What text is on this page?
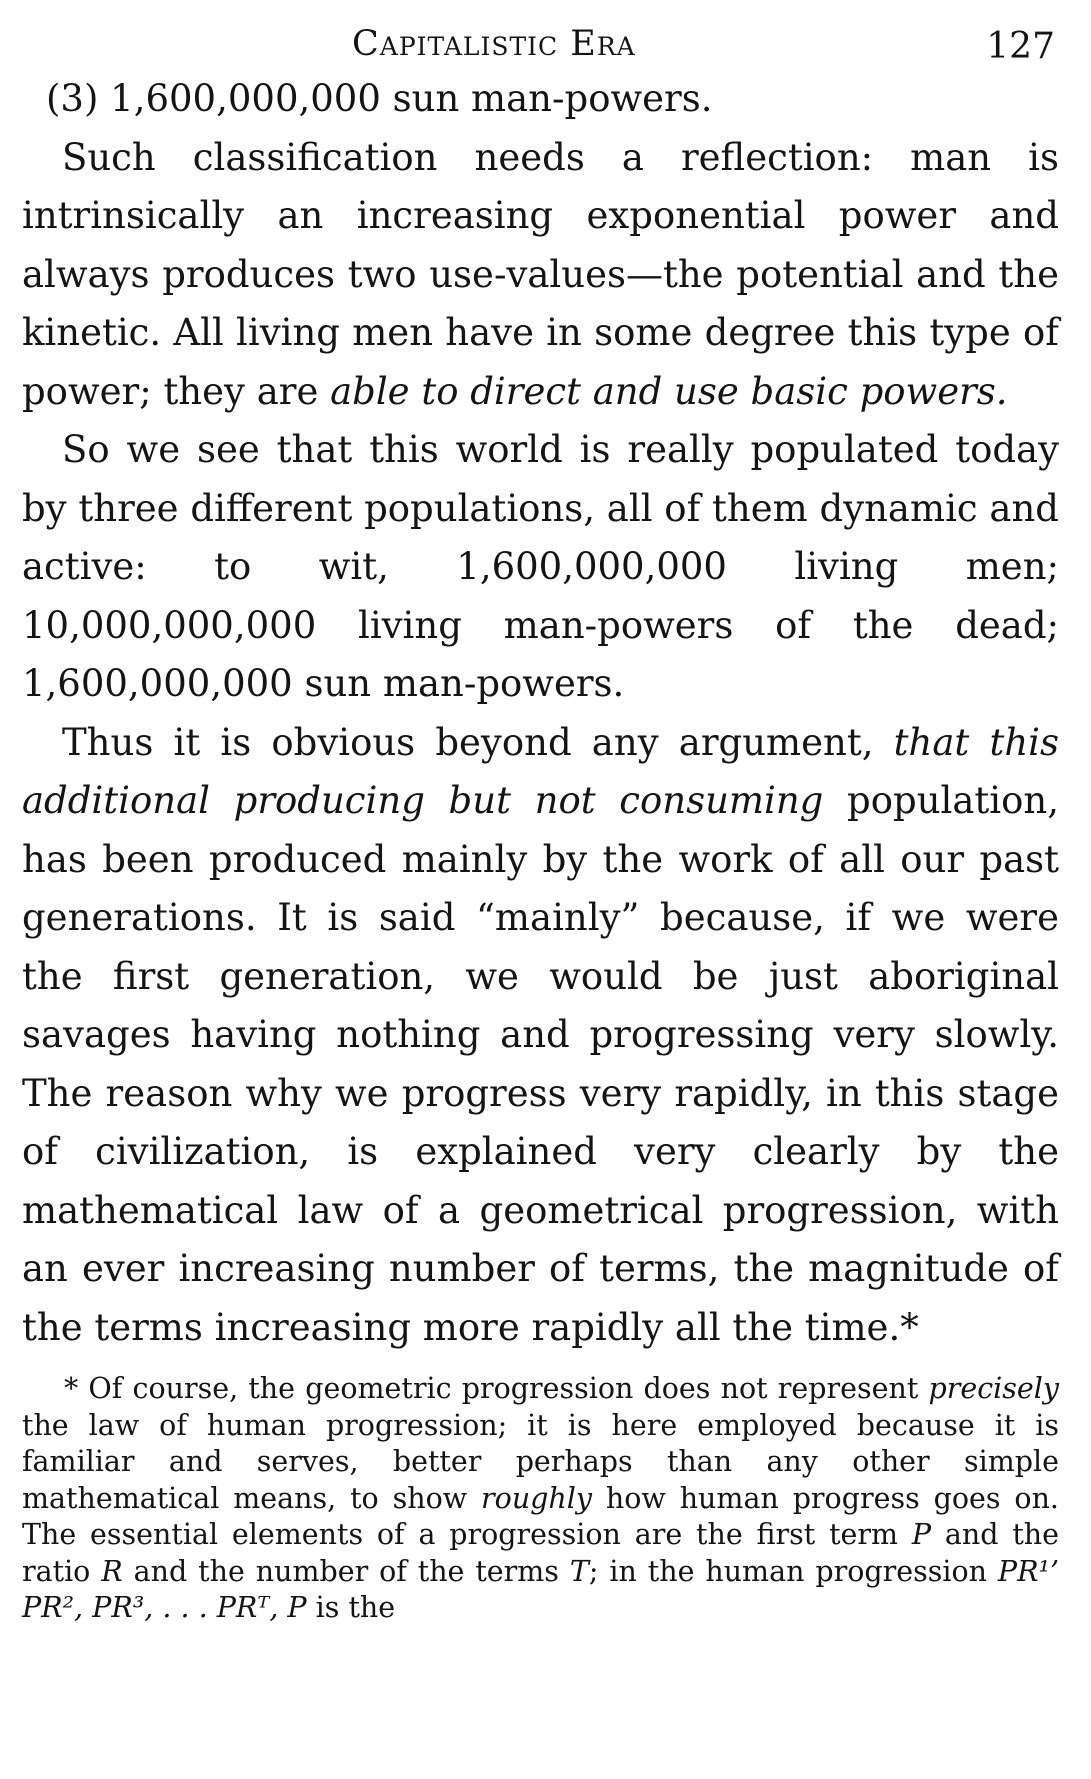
Capitalistic Era	127

(3) 1,600,000,000 sun man-powers.

Such classification needs a reflection: man is intrinsically an increasing exponential power and always produces two use-values—the potential and the kinetic. All living men have in some degree this type of power; they are able to direct and use basic powers.

So we see that this world is really populated today by three different populations, all of them dynamic and active: to wit, 1,600,000,000 living men; 10,000,000,000 living man-powers of the dead; 1,600,000,000 sun man-powers.

Thus it is obvious beyond any argument, that this additional producing but not consuming population, has been produced mainly by the work of all our past generations. It is said “mainly” because, if we were the first generation, we would be just aboriginal savages having nothing and progressing very slowly. The reason why we progress very rapidly, in this stage of civilization, is explained very clearly by the mathematical law of a geometrical progression, with an ever increasing number of terms, the magnitude of the terms increasing more rapidly all the time.*

* Of course, the geometric progression does not represent precisely the law of human progression; it is here employed because it is familiar and serves, better perhaps than any other simple mathematical means, to show roughly how human progress goes on. The essential elements of a progression are the first term P and the ratio R and the number of the terms T; in the human progression PR¹’ PR², PR³, . . . PRᵀ, P is the
